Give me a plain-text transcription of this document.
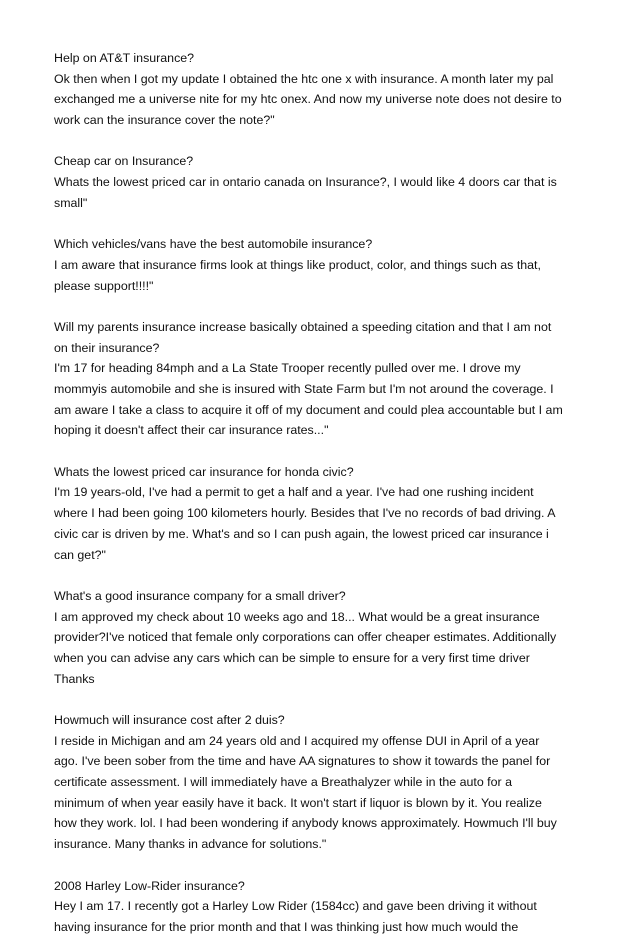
Help on AT&T insurance?
Ok then when I got my update I obtained the htc one x with insurance. A month later my pal
exchanged me a universe nite for my htc onex. And now my universe note does not desire to
work can the insurance cover the note?"
Cheap car on Insurance?
Whats the lowest priced car in ontario canada on Insurance?, I would like 4 doors car that is
small"
Which vehicles/vans have the best automobile insurance?
I am aware that insurance firms look at things like product, color, and things such as that,
please support!!!!"
Will my parents insurance increase basically obtained a speeding citation and that I am not
on their insurance?
I'm 17 for heading 84mph and a La State Trooper recently pulled over me. I drove my
mommyis automobile and she is insured with State Farm but I'm not around the coverage. I
am aware I take a class to acquire it off of my document and could plea accountable but I am
hoping it doesn't affect their car insurance rates..."
Whats the lowest priced car insurance for honda civic?
I'm 19 years-old, I've had a permit to get a half and a year. I've had one rushing incident
where I had been going 100 kilometers hourly. Besides that I've no records of bad driving. A
civic car is driven by me. What's and so I can push again, the lowest priced car insurance i
can get?"
What's a good insurance company for a small driver?
I am approved my check about 10 weeks ago and 18... What would be a great insurance
provider?I've noticed that female only corporations can offer cheaper estimates. Additionally
when you can advise any cars which can be simple to ensure for a very first time driver
Thanks
Howmuch will insurance cost after 2 duis?
I reside in Michigan and am 24 years old and I acquired my offense DUI in April of a year
ago. I've been sober from the time and have AA signatures to show it towards the panel for
certificate assessment. I will immediately have a Breathalyzer while in the auto for a
minimum of when year easily have it back. It won't start if liquor is blown by it. You realize
how they work. lol. I had been wondering if anybody knows approximately. Howmuch I'll buy
insurance. Many thanks in advance for solutions."
2008 Harley Low-Rider insurance?
Hey I am 17. I recently got a Harley Low Rider (1584cc) and gave been driving it without
having insurance for the prior month and that I was thinking just how much would the
